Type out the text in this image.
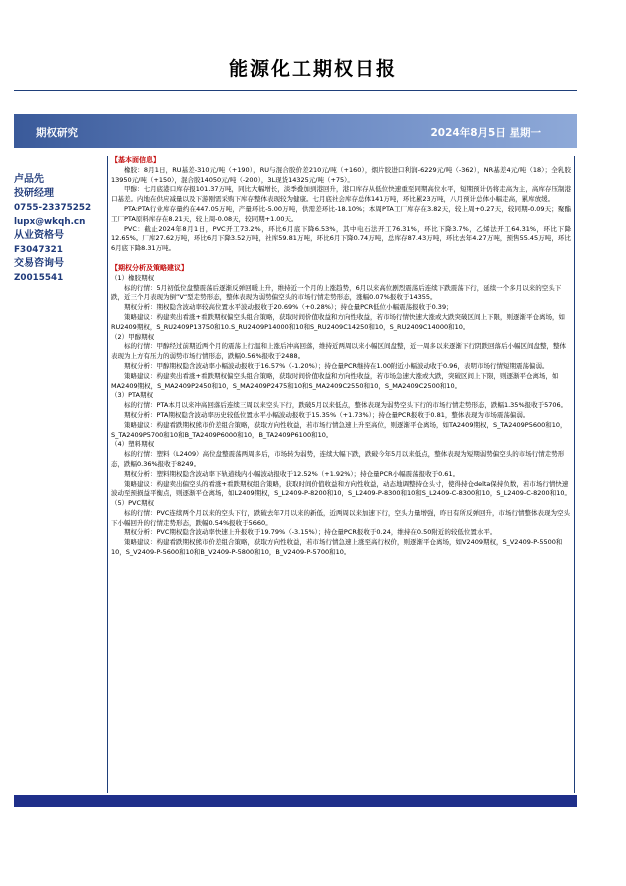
能源化工期权日报
期权研究	2024年8月5日 星期一
卢品先
投研经理
0755-23375252
lupx@wkqh.cn
从业资格号
F3047321
交易咨询号
Z0015541
【基本面信息】

橡胶：8月1日，RU基差-310元/吨（+190），RU与混合胶价差210元/吨（+160），烟片胶进口利润-6229元/吨（-362），NR基差4元/吨（18）；全乳胶13950元/吨（+150），混合胶14050元/吨（-200），3L现货14325元/吨（+75）。

甲醇：七月底港口库存报101.37万吨，同比大幅增长，淡季叠加到港回升，港口库存从低位快速重至同期高位水平，短期预计仍将走高为主，高库存压制港口基差。内地在供应减量以及下游刚需采购下库存整体表现较为健康。七月底社会库存总体141万吨，环比累23万吨，八月预计总体小幅走高，累库放缓。

PTA:PTA行业库存量约在447.05万吨，产量环比-5.00万吨，供需差环比-18.10%；本周PTA工厂库存在3.82天，较上周+0.27天，较同期-0.09天；聚酯工厂PTA原料库存在8.21天，较上周-0.08天，较同期+1.00天。

PVC：截止2024年8月1日，PVC开工73.2%，环比6月底下降6.53%，其中电石法开工76.31%，环比下降3.7%，乙烯法开工64.31%，环比下降12.65%。厂库27.62万吨，环比6月下降3.52万吨，社库59.81万吨，环比6月下降0.74万吨，总库存87.43万吨，环比去年4.27万吨，预售55.45万吨，环比6月底下降8.31万吨。

【期权分析及策略建议】

（1）橡胶期权

标的行情：5月初低位盘整震荡后逐渐反弹回暖上升，维持近一个月的上涨趋势，6月以来高位剧烈震荡后连续下跌震荡下行，延续一个多月以来的空头下跌，近三个月表现为倒”V“型走势形态，整体表现为弱势偏空头的市场行情走势形态，涨幅0.07%报收于14355。

期权分析：期权隐含波动率较高位置水平波动报收于20.69%（+0.28%）；持仓量PCR低位小幅震荡报收于0.39；

策略建议：构建卖出看涨+看跌期权偏空头组合策略，获取时间价值收益和方向性收益，若市场行情快速大涨或大跌突破区间上下限，则逐渐平仓离场，如RU2409期权，S_RU2409P13750和10.S_RU2409P14000和10和S_RU2409C14250和10，S_RU2409C14000和10。

（2）甲醇期权

标的行情：甲醇经过前期近两个月的震荡上行温和上涨后冲高回落，维持近两周以来小幅区间盘整，近一周多以来逐渐下行阴跌回落后小幅区间盘整，整体表现为上方有压力的弱势市场行情形态，跌幅0.56%报收于2488。

期权分析：甲醇期权隐含波动率小幅波动报收于16.57%（-1.20%）；持仓量PCR继持在1.00附近小幅波动收于0.96，表明市场行情短期震荡偏弱。

策略建议：构建卖出看涨+看跌期权偏空头组合策略，获取时间价值收益和方向性收益，若市场急速大涨或大跌，突破区间上下限，则逐渐平仓离场，如MA2409期权，S_MA2409P2450和10，S_MA2409P2475和10和S_MA2409C2550和10，S_MA2409C2500和10。

（3）PTA期权

标的行情：PTA本月以来冲高回落后连续三周以来空头下行，跌破5月以来低点，整体表现为弱势空头下行的市场行情走势形态，跌幅1.35%报收于5706。

期权分析：PTA期权隐含波动率历史较低位置水平小幅波动报收于15.35%（+1.73%）；持仓量PCR报收于0.81，整体表现为市场震荡偏弱。

策略建议：构建看跌期权熊市价差组合策略，获取方向性收益，若市场行情急速上升至高位，则逐渐平仓离场，如TA2409期权，S_TA2409P5600和10，S_TA2409P5700和10和B_TA2409P6000和10，B_TA2409P6100和10。

（4）塑料期权

标的行情：塑料（L2409）高位盘整震荡两周多后，市场转为弱势，连续大幅下跌，跌破今年5月以来低点，整体表现为短期弱势偏空头的市场行情走势形态，跌幅0.36%报收于8249。

期权分析：塑料期权隐含波动率下轨道线内小幅波动报收于12.52%（+1.92%）；持仓量PCR小幅震荡报收于0.61。

策略建议：构建卖出偏空头的看涨+看跌期权组合策略，获取时间价值收益和方向性收益，动态地调整持仓头寸，使得持仓delta保持负数，若市场行情快速波动至预损益平衡点，则逐渐平仓离场，如L2409期权，S_L2409-P-8200和10，S_L2409-P-8300和10和S_L2409-C-8300和10，S_L2409-C-8200和10。

（5）PVC期权

标的行情：PVC连续两个月以来的空头下行，跌破去年7月以来的新低，近两周以来加速下行，空头力量增强，昨日有所反弹回升，市场行情整体表现为空头下小幅回升的行情走势形态，跌幅0.54%报收于5660。

期权分析：PVC期权隐含波动率快速上升报收于19.79%（-3.15%）；持仓量PCR报收于0.24，维持在0.50附近的较低位置水平。

策略建议：构建看跌期权熊市价差组合策略，获取方向性收益，若市场行情急速上涨至高行权价，则逐渐平仓离场，如V2409期权，S_V2409-P-5500和10，S_V2409-P-5600和10和B_V2409-P-5800和10，B_V2409-P-5700和10。
